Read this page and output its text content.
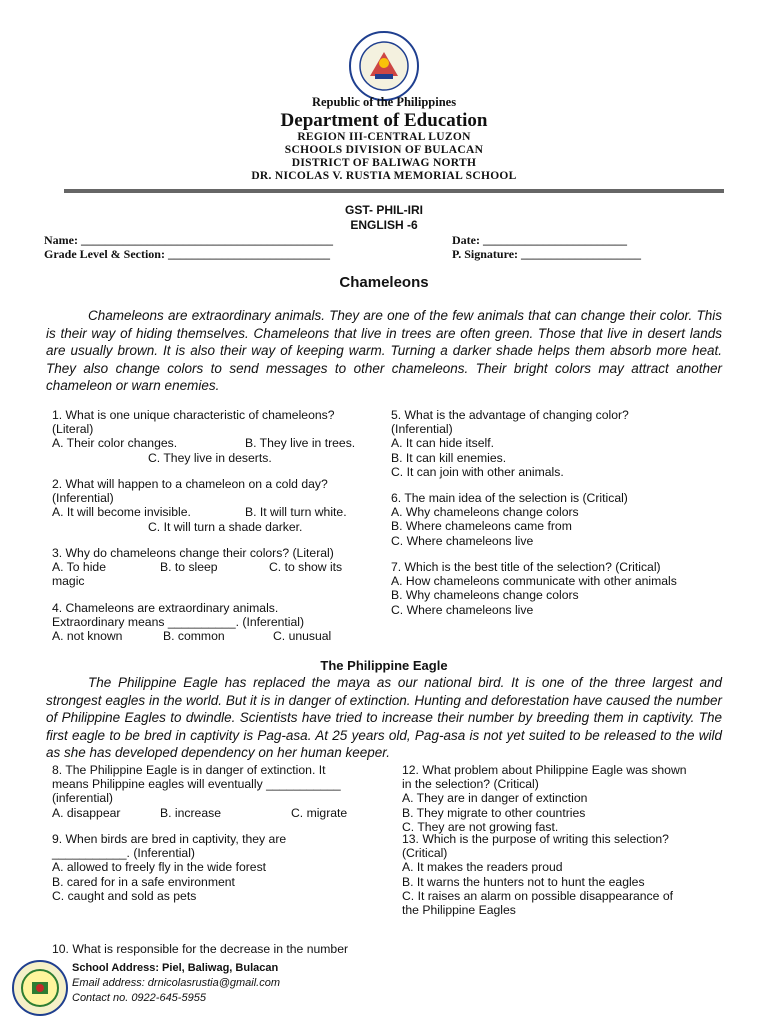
Republic of the Philippines
Department of Education
REGION III-CENTRAL LUZON
SCHOOLS DIVISION OF BULACAN
DISTRICT OF BALIWAG NORTH
DR. NICOLAS V. RUSTIA MEMORIAL SCHOOL
GST- PHIL-IRI
ENGLISH -6
Name: __________________________________________	Date: ________________________
Grade Level & Section: ___________________________	P. Signature: ____________________
Chameleons

Chameleons are extraordinary animals. They are one of the few animals that can change their color. This is their way of hiding themselves. Chameleons that live in trees are often green. Those that live in desert lands are usually brown. It is also their way of keeping warm. Turning a darker shade helps them absorb more heat. They also change colors to send messages to other chameleons. Their bright colors may attract another chameleon or warn enemies.

1. What is one unique characteristic of chameleons?
(Literal)
A. Their color changes.	B. They live in trees.
C. They live in deserts.
2. What will happen to a chameleon on a cold day?
(Inferential)
A. It will become invisible.	B. It will turn white.
C. It will turn a shade darker.
3. Why do chameleons change their colors? (Literal)
A. To hide	B. to sleep	C. to show its
magic
4. Chameleons are extraordinary animals.
Extraordinary means __________. (Inferential)
A. not known	B. common	C. unusual
5. What is the advantage of changing color?
(Inferential)
A. It can hide itself.
B. It can kill enemies.
C. It can join with other animals.
6. The main idea of the selection is (Critical)
A. Why chameleons change colors
B. Where chameleons came from
C. Where chameleons live
7. Which is the best title of the selection? (Critical)
A. How chameleons communicate with other animals
B. Why chameleons change colors
C. Where chameleons live
The Philippine Eagle

The Philippine Eagle has replaced the maya as our national bird. It is one of the three largest and strongest eagles in the world. But it is in danger of extinction. Hunting and deforestation have caused the number of Philippine Eagles to dwindle. Scientists have tried to increase their number by breeding them in captivity. The first eagle to be bred in captivity is Pag-asa. At 25 years old, Pag-asa is not yet suited to be released to the wild as she has developed dependency on her human keeper.

8. The Philippine Eagle is in danger of extinction. It
means Philippine eagles will eventually ___________
(inferential)
A. disappear	B. increase	C. migrate
9. When birds are bred in captivity, they are
___________. (Inferential)
A. allowed to freely fly in the wide forest
B. cared for in a safe environment
C. caught and sold as pets
10. What is responsible for the decrease in the number
12. What problem about Philippine Eagle was shown
in the selection? (Critical)
A. They are in danger of extinction
B. They migrate to other countries
C. They are not growing fast.
13. Which is the purpose of writing this selection?
(Critical)
A. It makes the readers proud
B. It warns the hunters not to hunt the eagles
C. It raises an alarm on possible disappearance of
the Philippine Eagles
School Address: Piel, Baliwag, Bulacan
Email address: drnicolasrustia@gmail.com
Contact no. 0922-645-5955
